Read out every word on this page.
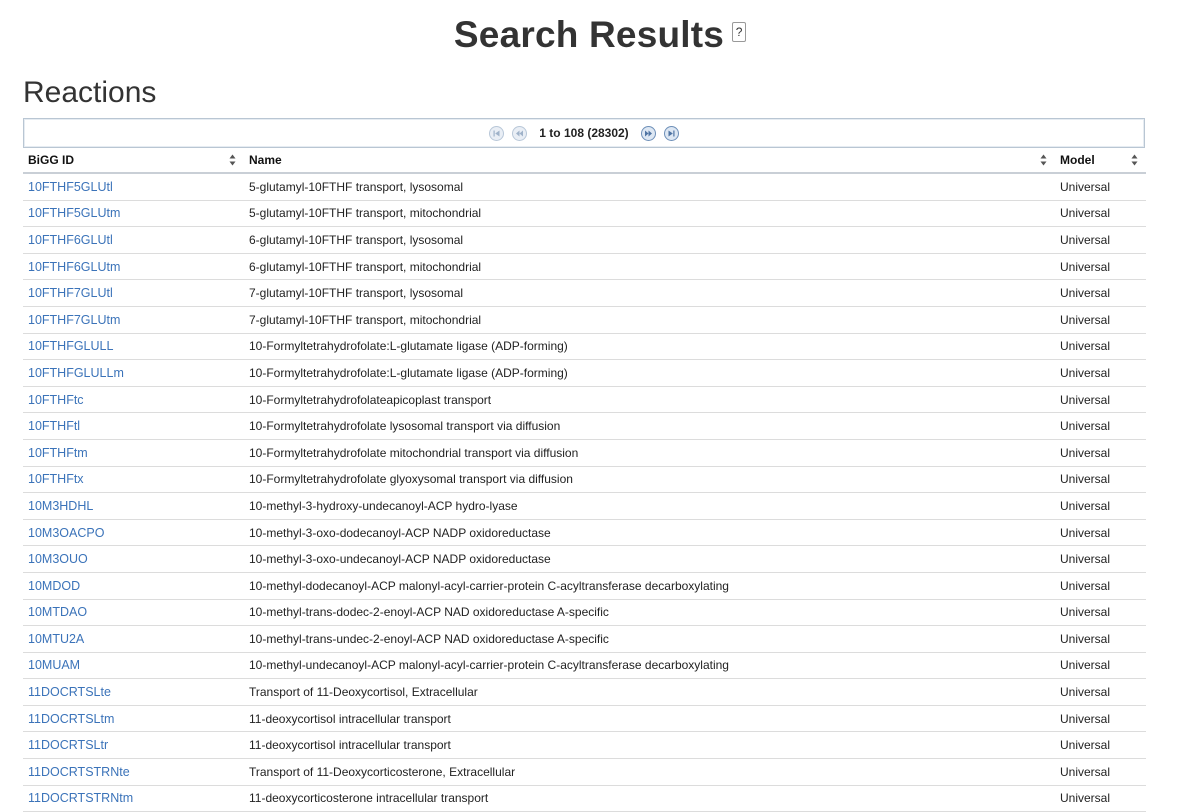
Search Results ?
Reactions
1 to 108 (28302)
BiGG ID	Name	Model

10FTHF5GLUtl	5-glutamyl-10FTHF transport, lysosomal	Universal
10FTHF5GLUtm	5-glutamyl-10FTHF transport, mitochondrial	Universal
10FTHF6GLUtl	6-glutamyl-10FTHF transport, lysosomal	Universal
10FTHF6GLUtm	6-glutamyl-10FTHF transport, mitochondrial	Universal
10FTHF7GLUtl	7-glutamyl-10FTHF transport, lysosomal	Universal
10FTHF7GLUtm	7-glutamyl-10FTHF transport, mitochondrial	Universal
10FTHFGLULL	10-Formyltetrahydrofolate:L-glutamate ligase (ADP-forming)	Universal
10FTHFGLULLm	10-Formyltetrahydrofolate:L-glutamate ligase (ADP-forming)	Universal
10FTHFtc	10-Formyltetrahydrofolateapicoplast transport	Universal
10FTHFtl	10-Formyltetrahydrofolate lysosomal transport via diffusion	Universal
10FTHFtm	10-Formyltetrahydrofolate mitochondrial transport via diffusion	Universal
10FTHFtx	10-Formyltetrahydrofolate glyoxysomal transport via diffusion	Universal
10M3HDHL	10-methyl-3-hydroxy-undecanoyl-ACP hydro-lyase	Universal
10M3OACPO	10-methyl-3-oxo-dodecanoyl-ACP NADP oxidoreductase	Universal
10M3OUO	10-methyl-3-oxo-undecanoyl-ACP NADP oxidoreductase	Universal
10MDOD	10-methyl-dodecanoyl-ACP malonyl-acyl-carrier-protein C-acyltransferase decarboxylating	Universal
10MTDAO	10-methyl-trans-dodec-2-enoyl-ACP NAD oxidoreductase A-specific	Universal
10MTU2A	10-methyl-trans-undec-2-enoyl-ACP NAD oxidoreductase A-specific	Universal
10MUAM	10-methyl-undecanoyl-ACP malonyl-acyl-carrier-protein C-acyltransferase decarboxylating	Universal
11DOCRTSLte	Transport of 11-Deoxycortisol, Extracellular	Universal
11DOCRTSLtm	11-deoxycortisol intracellular transport	Universal
11DOCRTSLtr	11-deoxycortisol intracellular transport	Universal
11DOCRTSTRNte	Transport of 11-Deoxycorticosterone, Extracellular	Universal
11DOCRTSTRNtm	11-deoxycorticosterone intracellular transport	Universal
